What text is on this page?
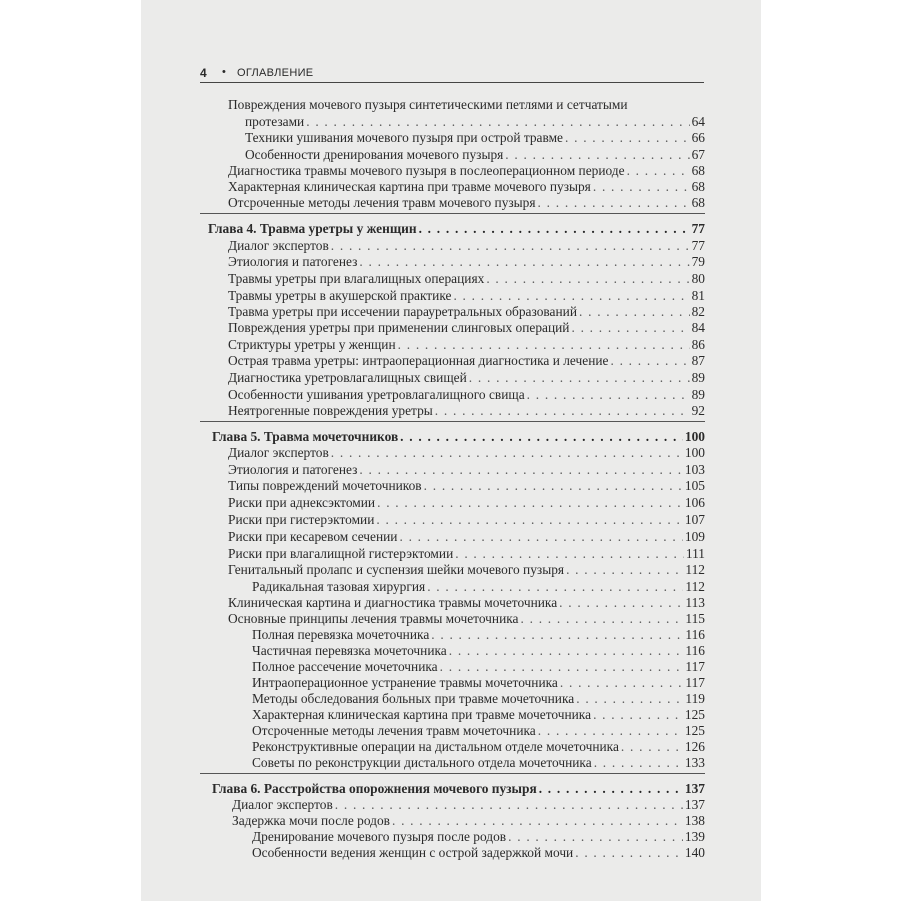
4 • ОГЛАВЛЕНИЕ
Повреждения мочевого пузыря синтетическими петлями и сетчатыми
протезами . . .	64
Техники ушивания мочевого пузыря при острой травме . . .	66
Особенности дренирования мочевого пузыря . . .	67
Диагностика травмы мочевого пузыря в послеоперационном периоде . . .	68
Характерная клиническая картина при травме мочевого пузыря . . .	68
Отсроченные методы лечения травм мочевого пузыря . . .	68
Глава 4. Травма уретры у женщин . . .	77
Диалог экспертов . . .	77
Этиология и патогенез . . .	79
Травмы уретры при влагалищных операциях . . .	80
Травмы уретры в акушерской практике . . .	81
Травма уретры при иссечении парауретральных образований . . .	82
Повреждения уретры при применении слинговых операций . . .	84
Стриктуры уретры у женщин . . .	86
Острая травма уретры: интраоперационная диагностика и лечение . . .	87
Диагностика уретровлагалищных свищей . . .	89
Особенности ушивания уретровлагалищного свища . . .	89
Неятрогенные повреждения уретры . . .	92
Глава 5. Травма мочеточников . . .	100
Диалог экспертов . . .	100
Этиология и патогенез . . .	103
Типы повреждений мочеточников . . .	105
Риски при аднексэктомии . . .	106
Риски при гистерэктомии . . .	107
Риски при кесаревом сечении . . .	109
Риски при влагалищной гистерэктомии . . .	111
Генитальный пролапс и суспензия шейки мочевого пузыря . . .	112
Радикальная тазовая хирургия . . .	112
Клиническая картина и диагностика травмы мочеточника . . .	113
Основные принципы лечения травмы мочеточника . . .	115
Полная перевязка мочеточника . . .	116
Частичная перевязка мочеточника . . .	116
Полное рассечение мочеточника . . .	117
Интраоперационное устранение травмы мочеточника . . .	117
Методы обследования больных при травме мочеточника . . .	119
Характерная клиническая картина при травме мочеточника . . .	125
Отсроченные методы лечения травм мочеточника . . .	125
Реконструктивные операции на дистальном отделе мочеточника . . .	126
Советы по реконструкции дистального отдела мочеточника . . .	133
Глава 6. Расстройства опорожнения мочевого пузыря . . .	137
Диалог экспертов . . .	137
Задержка мочи после родов . . .	138
Дренирование мочевого пузыря после родов . . .	139
Особенности ведения женщин с острой задержкой мочи . . .	140
